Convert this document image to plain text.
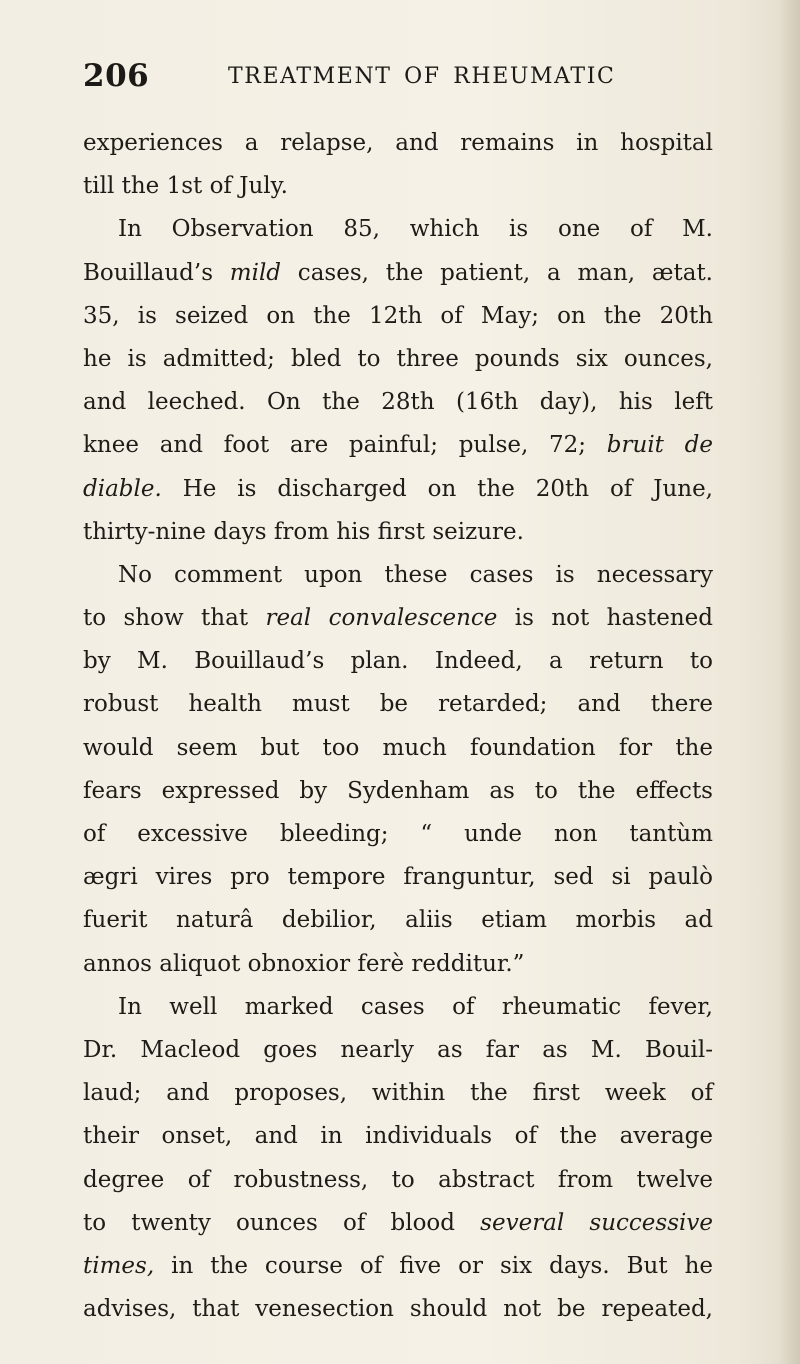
206	TREATMENT OF RHEUMATIC
experiences a relapse, and remains in hospital
till the 1st of July.
In Observation 85, which is one of M.
Bouillaud’s mild cases, the patient, a man, ætat.
35, is seized on the 12th of May; on the 20th
he is admitted; bled to three pounds six ounces,
and leeched. On the 28th (16th day), his left
knee and foot are painful; pulse, 72; bruit de
diable. He is discharged on the 20th of June,
thirty-nine days from his first seizure.
No comment upon these cases is necessary
to show that real convalescence is not hastened
by M. Bouillaud’s plan. Indeed, a return to
robust health must be retarded; and there
would seem but too much foundation for the
fears expressed by Sydenham as to the effects
of excessive bleeding; “ unde non tantùm
ægri vires pro tempore franguntur, sed si paulò
fuerit naturâ debilior, aliis etiam morbis ad
annos aliquot obnoxior ferè redditur.”
In well marked cases of rheumatic fever,
Dr. Macleod goes nearly as far as M. Bouil-
laud; and proposes, within the first week of
their onset, and in individuals of the average
degree of robustness, to abstract from twelve
to twenty ounces of blood several successive
times, in the course of five or six days. But he
advises, that venesection should not be repeated,
